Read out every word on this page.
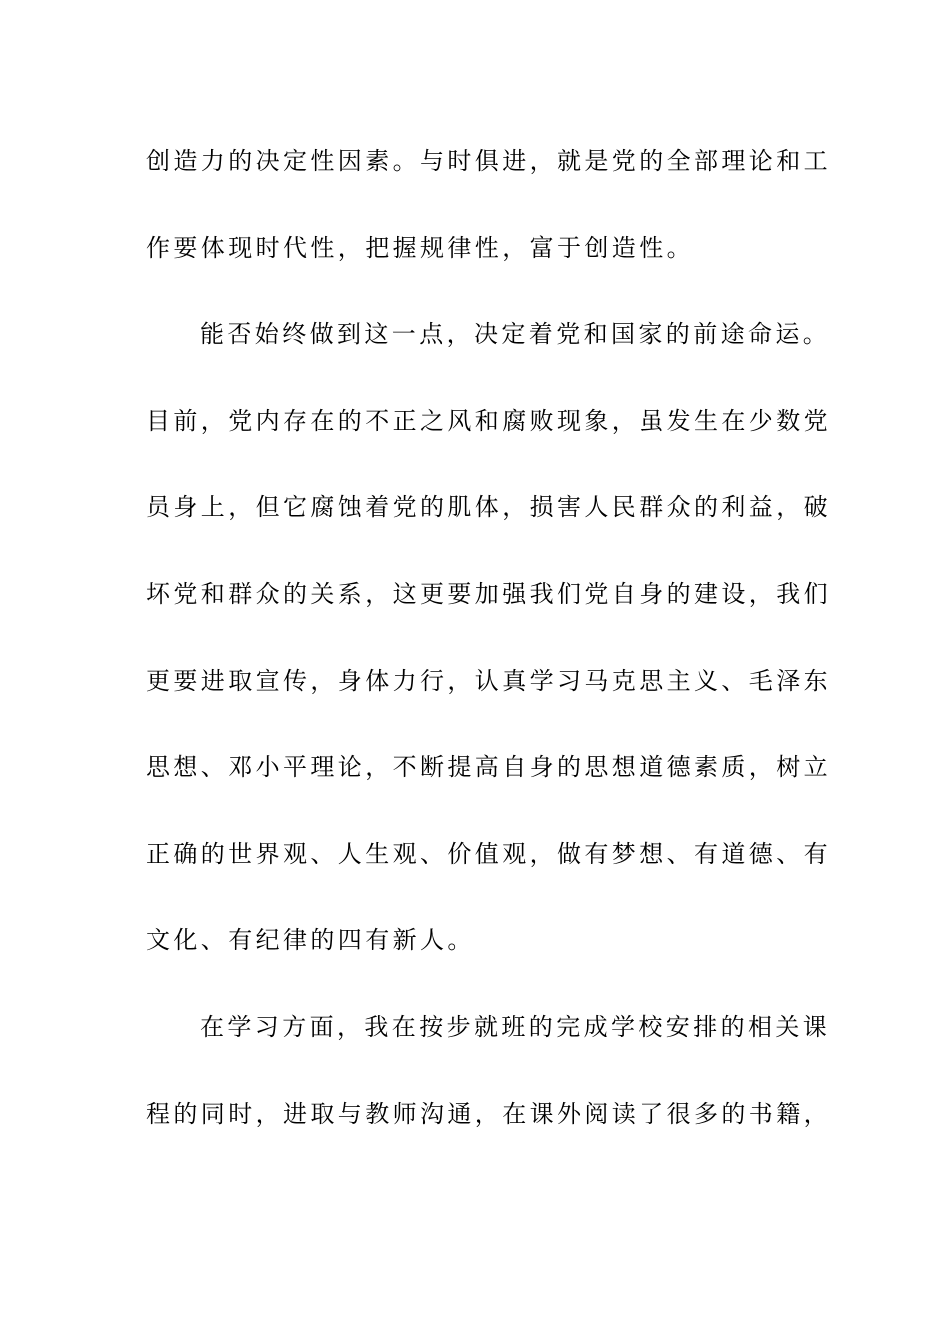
创造力的决定性因素。与时俱进，就是党的全部理论和工
作要体现时代性，把握规律性，富于创造性。
能否始终做到这一点，决定着党和国家的前途命运。
目前，党内存在的不正之风和腐败现象，虽发生在少数党
员身上，但它腐蚀着党的肌体，损害人民群众的利益，破
坏党和群众的关系，这更要加强我们党自身的建设，我们
更要进取宣传，身体力行，认真学习马克思主义、毛泽东
思想、邓小平理论，不断提高自身的思想道德素质，树立
正确的世界观、人生观、价值观，做有梦想、有道德、有
文化、有纪律的四有新人。
在学习方面，我在按步就班的完成学校安排的相关课
程的同时，进取与教师沟通，在课外阅读了很多的书籍，
